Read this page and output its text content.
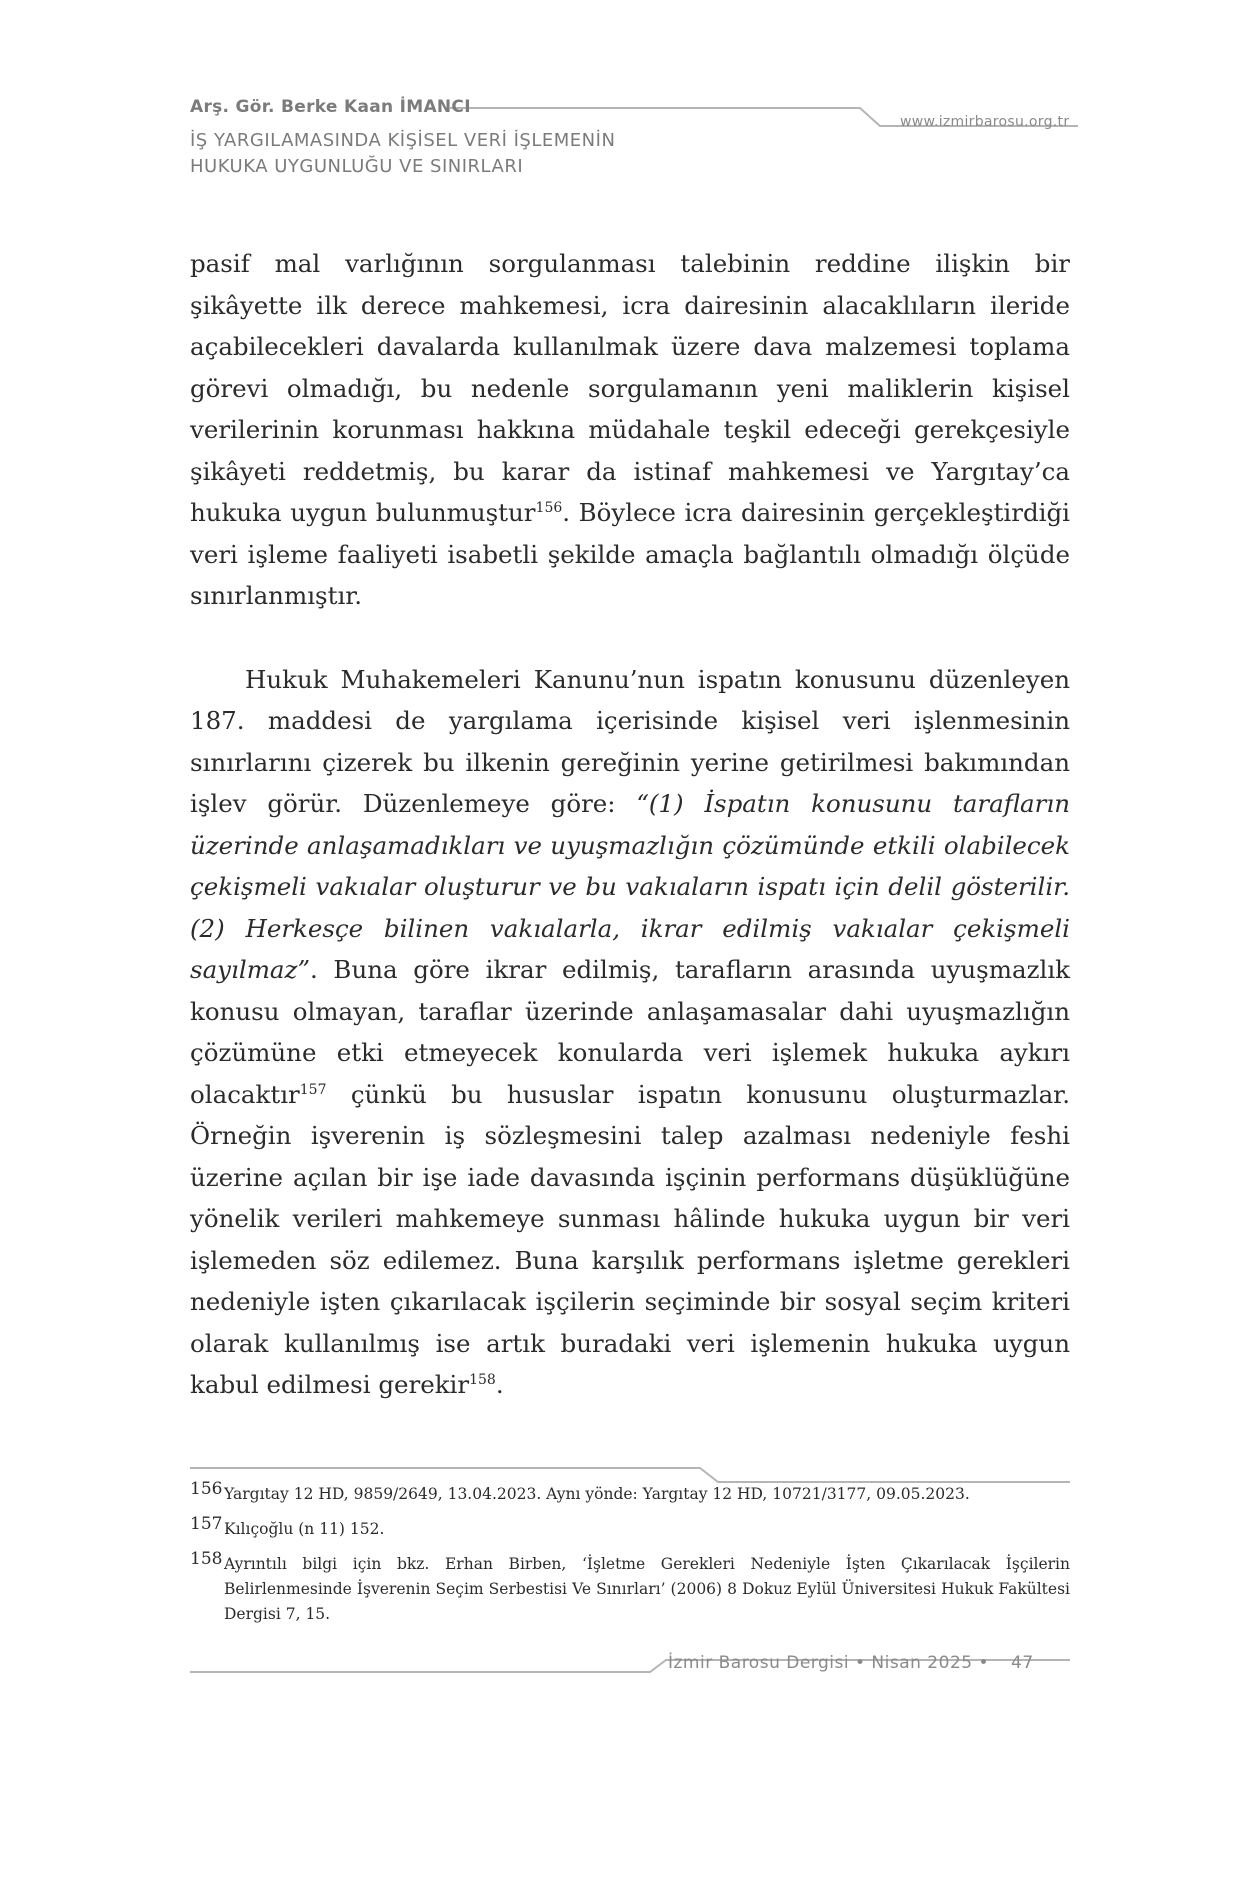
Arş. Gör. Berke Kaan İMANCI
İŞ YARGILAMASINDA KİŞİSEL VERİ İŞLEMENİN
HUKUKA UYGUNLUĞU VE SINIRLARI
www.izmirbarosu.org.tr

pasif mal varlığının sorgulanması talebinin reddine ilişkin bir şikâyette ilk derece mahkemesi, icra dairesinin alacaklıların ileride açabilecekleri davalarda kullanılmak üzere dava malzemesi toplama görevi olmadığı, bu nedenle sorgulamanın yeni maliklerin kişisel verilerinin korunması hakkına müdahale teşkil edeceği gerekçesiyle şikâyeti reddetmiş, bu karar da istinaf mahkemesi ve Yargıtay’ca hukuka uygun bulunmuştur$^{156}$. Böylece icra dairesinin gerçekleştirdiği veri işleme faaliyeti isabetli şekilde amaçla bağlantılı olmadığı ölçüde sınırlanmıştır.

Hukuk Muhakemeleri Kanunu’nun ispatın konusunu düzenleyen 187. maddesi de yargılama içerisinde kişisel veri işlenmesinin sınırlarını çizerek bu ilkenin gereğinin yerine getirilmesi bakımından işlev görür. Düzenlemeye göre: “(1) İspatın konusunu tarafların üzerinde anlaşamadıkları ve uyuşmazlığın çözümünde etkili olabilecek çekişmeli vakıalar oluşturur ve bu vakıaların ispatı için delil gösterilir. (2) Herkesçe bilinen vakıalarla, ikrar edilmiş vakıalar çekişmeli sayılmaz”. Buna göre ikrar edilmiş, tarafların arasında uyuşmazlık konusu olmayan, taraflar üzerinde anlaşamasalar dahi uyuşmazlığın çözümüne etki etmeyecek konularda veri işlemek hukuka aykırı olacaktır$^{157}$ çünkü bu hususlar ispatın konusunu oluşturmazlar. Örneğin işverenin iş sözleşmesini talep azalması nedeniyle feshi üzerine açılan bir işe iade davasında işçinin performans düşüklüğüne yönelik verileri mahkemeye sunması hâlinde hukuka uygun bir veri işlemeden söz edilemez. Buna karşılık performans işletme gerekleri nedeniyle işten çıkarılacak işçilerin seçiminde bir sosyal seçim kriteri olarak kullanılmış ise artık buradaki veri işlemenin hukuka uygun kabul edilmesi gerekir$^{158}$.

156 Yargıtay 12 HD, 9859/2649, 13.04.2023. Aynı yönde: Yargıtay 12 HD, 10721/3177, 09.05.2023.
157 Kılıçoğlu (n 11) 152.
158 Ayrıntılı bilgi için bkz. Erhan Birben, ‘İşletme Gerekleri Nedeniyle İşten Çıkarılacak İşçilerin Belirlenmesinde İşverenin Seçim Serbestisi Ve Sınırları’ (2006) 8 Dokuz Eylül Üniversitesi Hukuk Fakültesi Dergisi 7, 15.
İzmir Barosu Dergisi • Nisan 2025 • 47
